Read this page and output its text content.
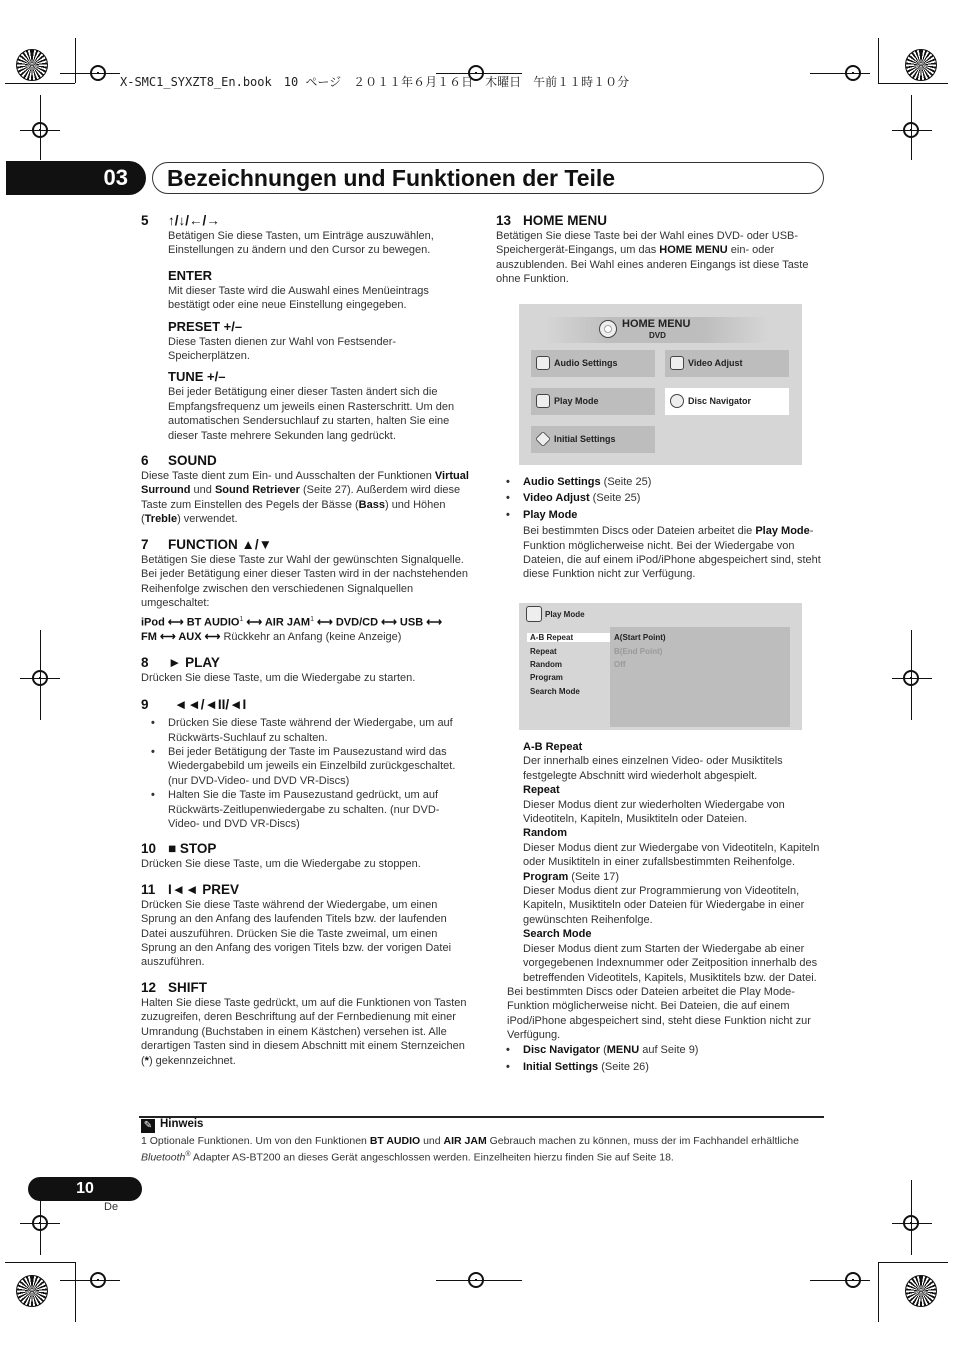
X-SMC1_SYXZT8_En.book　10 ページ　２０１１年６月１６日　木曜日　午前１１時１０分
03	Bezeichnungen und Funktionen der Teile
5 ↑/↓/←/→

Betätigen Sie diese Tasten, um Einträge auszuwählen, Einstellungen zu ändern und den Cursor zu bewegen.

ENTER

Mit dieser Taste wird die Auswahl eines Menüeintrags bestätigt oder eine neue Einstellung eingegeben.

PRESET +/–

Diese Tasten dienen zur Wahl von Festsender-Speicherplätzen.

TUNE +/–

Bei jeder Betätigung einer dieser Tasten ändert sich die Empfangsfrequenz um jeweils einen Rasterschritt. Um den automatischen Sendersuchlauf zu starten, halten Sie eine dieser Taste mehrere Sekunden lang gedrückt.

6 SOUND

Diese Taste dient zum Ein- und Ausschalten der Funktionen Virtual Surround und Sound Retriever (Seite 27). Außerdem wird diese Taste zum Einstellen des Pegels der Bässe (Bass) und Höhen (Treble) verwendet.

7 FUNCTION ▲/▼

Betätigen Sie diese Taste zur Wahl der gewünschten Signalquelle. Bei jeder Betätigung einer dieser Tasten wird in der nachstehenden Reihenfolge zwischen den verschiedenen Signalquellen umgeschaltet:

iPod ⟷ BT AUDIO$^1$ ⟷ AIR JAM$^1$ ⟷ DVD/CD ⟷ USB ⟷
FM ⟷ AUX ⟷ Rückkehr an Anfang (keine Anzeige)

8 ► PLAY

Drücken Sie diese Taste, um die Wiedergabe zu starten.

9 ◄◄/◄II/◄I
• Drücken Sie diese Taste während der Wiedergabe, um auf Rückwärts-Suchlauf zu schalten.
• Bei jeder Betätigung der Taste im Pausezustand wird das Wiedergabebild um jeweils ein Einzelbild zurückgeschaltet. (nur DVD-Video- und DVD VR-Discs)
• Halten Sie die Taste im Pausezustand gedrückt, um auf Rückwärts-Zeitlupenwiedergabe zu schalten. (nur DVD-Video- und DVD VR-Discs)
10 ■ STOP

Drücken Sie diese Taste, um die Wiedergabe zu stoppen.

11 I◄◄ PREV

Drücken Sie diese Taste während der Wiedergabe, um einen Sprung an den Anfang des laufenden Titels bzw. der laufenden Datei auszuführen. Drücken Sie die Taste zweimal, um einen Sprung an den Anfang des vorigen Titels bzw. der vorigen Datei auszuführen.

12 SHIFT

Halten Sie diese Taste gedrückt, um auf die Funktionen von Tasten zuzugreifen, deren Beschriftung auf der Fernbedienung mit einer Umrandung (Buchstaben in einem Kästchen) versehen ist. Alle derartigen Tasten sind in diesem Abschnitt mit einem Sternzeichen (*) gekennzeichnet.

13 HOME MENU

Betätigen Sie diese Taste bei der Wahl eines DVD- oder USB-Speichergerät-Eingangs, um das HOME MENU ein- oder auszublenden. Bei Wahl eines anderen Eingangs ist diese Taste ohne Funktion.

HOME MENU
DVD
Audio Settings	Video Adjust
Play Mode	Disc Navigator
Initial Settings
• Audio Settings (Seite 25)
• Video Adjust (Seite 25)
• Play Mode

Bei bestimmten Discs oder Dateien arbeitet die Play Mode-Funktion möglicherweise nicht. Bei der Wiedergabe von Dateien, die auf einem iPod/iPhone abgespeichert sind, steht diese Funktion nicht zur Verfügung.

Play Mode
A-B Repeat
Repeat
Random
Program
Search Mode
A(Start Point)
B(End Point)
Off

A-B Repeat

Der innerhalb eines einzelnen Video- oder Musiktitels festgelegte Abschnitt wird wiederholt abgespielt.

Repeat

Dieser Modus dient zur wiederholten Wiedergabe von Videotiteln, Kapiteln, Musiktiteln oder Dateien.

Random

Dieser Modus dient zur Wiedergabe von Videotiteln, Kapiteln oder Musiktiteln in einer zufallsbestimmten Reihenfolge.

Program (Seite 17)

Dieser Modus dient zur Programmierung von Videotiteln, Kapiteln, Musiktiteln oder Dateien für Wiedergabe in einer gewünschten Reihenfolge.

Search Mode

Dieser Modus dient zum Starten der Wiedergabe ab einer vorgegebenen Indexnummer oder Zeitposition innerhalb des betreffenden Videotitels, Kapitels, Musiktitels bzw. der Datei.

Bei bestimmten Discs oder Dateien arbeitet die Play Mode-Funktion möglicherweise nicht. Bei Dateien, die auf einem iPod/iPhone abgespeichert sind, steht diese Funktion nicht zur Verfügung.

• Disc Navigator (MENU auf Seite 9)
• Initial Settings (Seite 26)
✎ Hinweis
1 Optionale Funktionen. Um von den Funktionen BT AUDIO und AIR JAM Gebrauch machen zu können, muss der im Fachhandel erhältliche Bluetooth® Adapter AS-BT200 an dieses Gerät angeschlossen werden. Einzelheiten hierzu finden Sie auf Seite 18.
10
De
